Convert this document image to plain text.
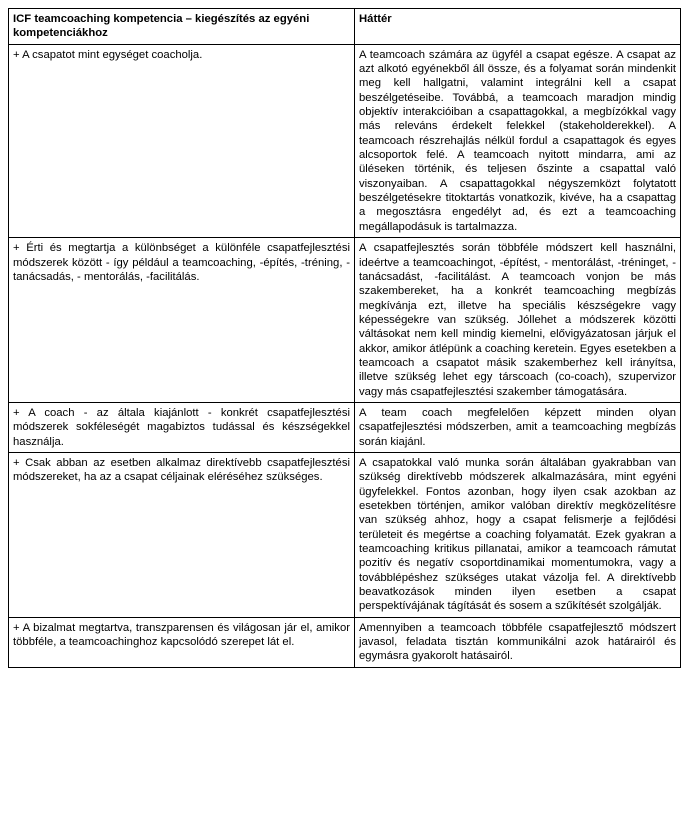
ICF teamcoaching kompetencia – kiegészítés az egyéni kompetenciákhoz	Háttér
+ A csapatot mint egységet coacholja.	A teamcoach számára az ügyfél a csapat egésze. A csapat az azt alkotó egyénekből áll össze, és a folyamat során mindenkit meg kell hallgatni, valamint integrálni kell a csapat beszélgetéseibe. Továbbá, a teamcoach maradjon mindig objektív interakcióiban a csapattagokkal, a megbízókkal vagy más releváns érdekelt felekkel (stakeholderekkel). A teamcoach részrehajlás nélkül fordul a csapattagok és egyes alcsoportok felé. A teamcoach nyitott mindarra, ami az üléseken történik, és teljesen őszinte a csapattal való viszonyaiban. A csapattagokkal négyszemközt folytatott beszélgetésekre titoktartás vonatkozik, kivéve, ha a csapattag a megosztásra engedélyt ad, és ezt a teamcoaching megállapodásuk is tartalmazza.
+ Érti és megtartja a különbséget a különféle csapatfejlesztési módszerek között - így például a teamcoaching, -építés, -tréning, -tanácsadás, - mentorálás, -facilitálás.	A csapatfejlesztés során többféle módszert kell használni, ideértve a teamcoachingot, -építést, - mentorálást, -tréninget, -tanácsadást, -facilitálást. A teamcoach vonjon be más szakembereket, ha a konkrét teamcoaching megbízás megkívánja ezt, illetve ha speciális készségekre vagy képességekre van szükség. Jóllehet a módszerek közötti váltásokat nem kell mindig kiemelni, elővigyázatosan járjuk el akkor, amikor átlépünk a coaching keretein. Egyes esetekben a teamcoach a csapatot másik szakemberhez kell irányítsa, illetve szükség lehet egy társcoach (co-coach), szupervizor vagy más csapatfejlesztési szakember támogatására.
+ A coach - az általa kiajánlott - konkrét csapatfejlesztési módszerek sokféleségét magabiztos tudással és készségekkel használja.	A team coach megfelelően képzett minden olyan csapatfejlesztési módszerben, amit a teamcoaching megbízás során kiajánl.
+ Csak abban az esetben alkalmaz direktívebb csapatfejlesztési módszereket, ha az a csapat céljainak eléréséhez szükséges.	A csapatokkal való munka során általában gyakrabban van szükség direktívebb módszerek alkalmazására, mint egyéni ügyfelekkel. Fontos azonban, hogy ilyen csak azokban az esetekben történjen, amikor valóban direktív megközelítésre van szükség ahhoz, hogy a csapat felismerje a fejlődési területeit és megértse a coaching folyamatát. Ezek gyakran a teamcoaching kritikus pillanatai, amikor a teamcoach rámutat pozitív és negatív csoportdinamikai momentumokra, vagy a továbblépéshez szükséges utakat vázolja fel. A direktívebb beavatkozások minden ilyen esetben a csapat perspektívájának tágítását és sosem a szűkítését szolgálják.
+ A bizalmat megtartva, transzparensen és világosan jár el, amikor többféle, a teamcoachinghoz kapcsolódó szerepet lát el.	Amennyiben a teamcoach többféle csapatfejlesztő módszert javasol, feladata tisztán kommunikálni azok határairól és egymásra gyakorolt hatásairól.
